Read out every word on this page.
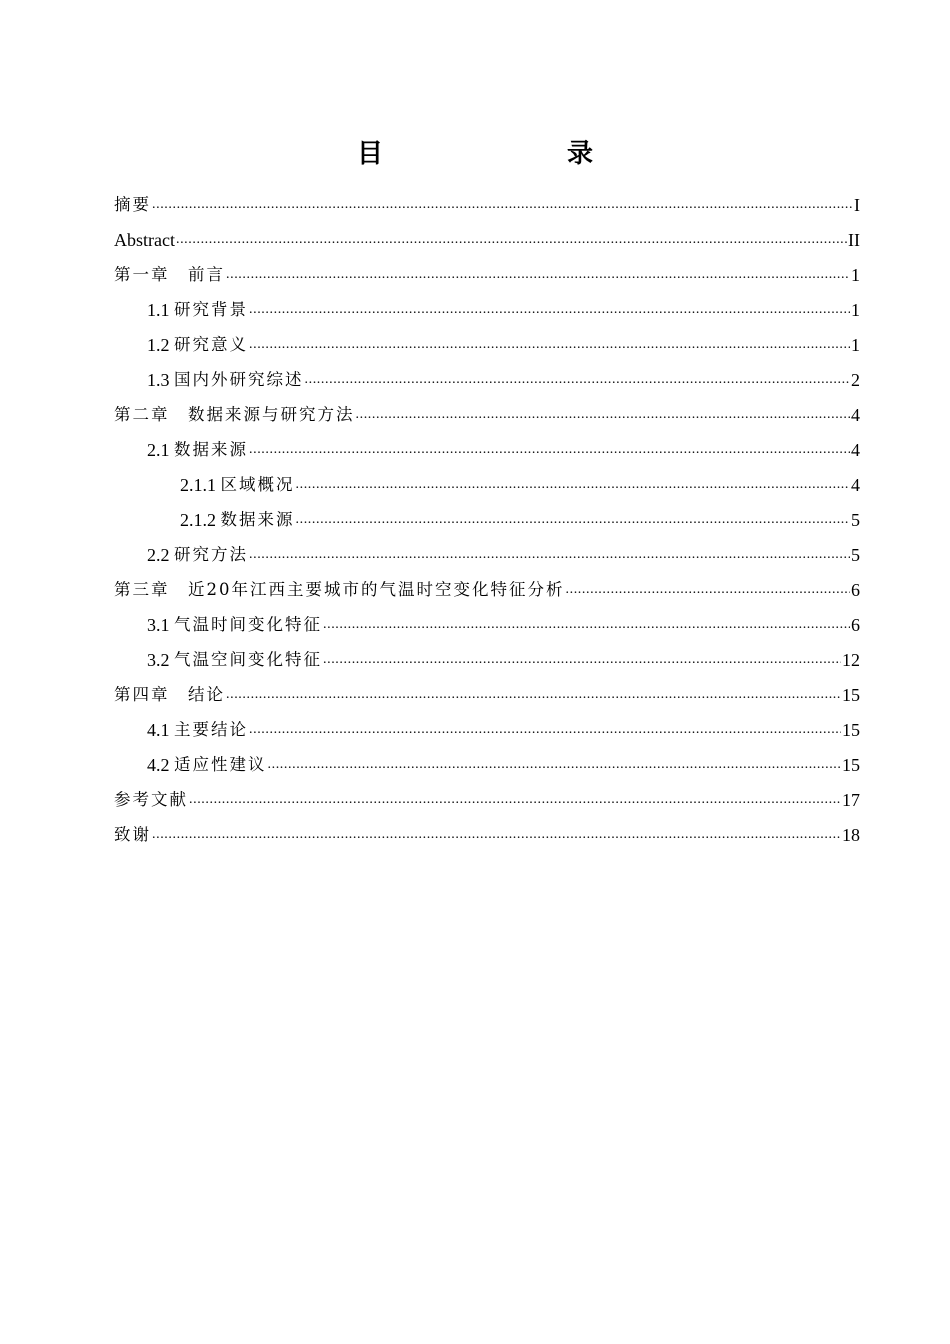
目　　录
摘要 .....	I
Abstract .....	II
第一章　前言 .....	1
1.1 研究背景 .....	1
1.2 研究意义 .....	1
1.3 国内外研究综述 .....	2
第二章　数据来源与研究方法 .....	4
2.1 数据来源 .....	4
2.1.1 区域概况 .....	4
2.1.2 数据来源 .....	5
2.2 研究方法 .....	5
第三章　近20年江西主要城市的气温时空变化特征分析 .....	6
3.1 气温时间变化特征 .....	6
3.2 气温空间变化特征 .....	12
第四章　结论 .....	15
4.1 主要结论 .....	15
4.2 适应性建议 .....	15
参考文献 .....	17
致谢 .....	18
